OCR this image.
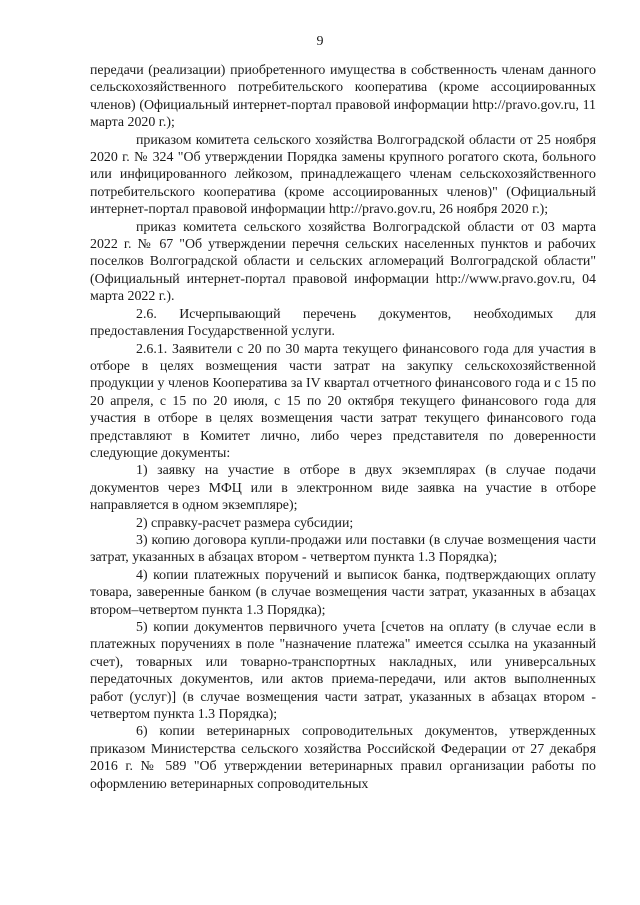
9

передачи (реализации) приобретенного имущества в собственность членам данного сельскохозяйственного потребительского кооператива (кроме ассоциированных членов) (Официальный интернет-портал правовой информации http://pravo.gov.ru, 11 марта 2020 г.);

приказом комитета сельского хозяйства Волгоградской области от 25 ноября 2020 г. № 324 "Об утверждении Порядка замены крупного рогатого скота, больного или инфицированного лейкозом, принадлежащего членам сельскохозяйственного потребительского кооператива (кроме ассоциированных членов)" (Официальный интернет-портал правовой информации http://pravo.gov.ru, 26 ноября 2020 г.);

приказ комитета сельского хозяйства Волгоградской области от 03 марта 2022 г. № 67 "Об утверждении перечня сельских населенных пунктов и рабочих поселков Волгоградской области и сельских агломераций Волгоградской области" (Официальный интернет-портал правовой информации http://www.pravo.gov.ru, 04 марта 2022 г.).

2.6. Исчерпывающий перечень документов, необходимых для предоставления Государственной услуги.

2.6.1. Заявители с 20 по 30 марта текущего финансового года для участия в отборе в целях возмещения части затрат на закупку сельскохозяйственной продукции у членов Кооператива за IV квартал отчетного финансового года и с 15 по 20 апреля, с 15 по 20 июля, с 15 по 20 октября текущего финансового года для участия в отборе в целях возмещения части затрат текущего финансового года представляют в Комитет лично, либо через представителя по доверенности следующие документы:

1) заявку на участие в отборе в двух экземплярах (в случае подачи документов через МФЦ или в электронном виде заявка на участие в отборе направляется в одном экземпляре);

2) справку-расчет размера субсидии;

3) копию договора купли-продажи или поставки (в случае возмещения части затрат, указанных в абзацах втором - четвертом пункта 1.3 Порядка);

4) копии платежных поручений и выписок банка, подтверждающих оплату товара, заверенные банком (в случае возмещения части затрат, указанных в абзацах втором–четвертом пункта 1.3 Порядка);

5) копии документов первичного учета [счетов на оплату (в случае если в платежных поручениях в поле "назначение платежа" имеется ссылка на указанный счет), товарных или товарно-транспортных накладных, или универсальных передаточных документов, или актов приема-передачи, или актов выполненных работ (услуг)] (в случае возмещения части затрат, указанных в абзацах втором - четвертом пункта 1.3 Порядка);

6) копии ветеринарных сопроводительных документов, утвержденных приказом Министерства сельского хозяйства Российской Федерации от 27 декабря 2016 г. № 589 "Об утверждении ветеринарных правил организации работы по оформлению ветеринарных сопроводительных
